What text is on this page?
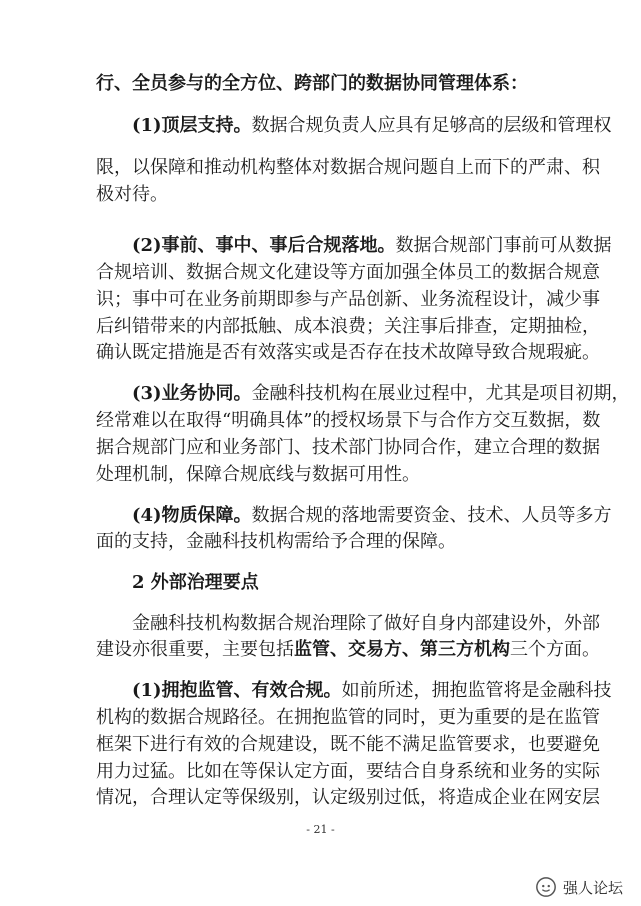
行、全员参与的全方位、跨部门的数据协同管理体系：
(1)顶层支持。数据合规负责人应具有足够高的层级和管理权
限，以保障和推动机构整体对数据合规问题自上而下的严肃、积
极对待。
(2)事前、事中、事后合规落地。数据合规部门事前可从数据
合规培训、数据合规文化建设等方面加强全体员工的数据合规意
识；事中可在业务前期即参与产品创新、业务流程设计，减少事
后纠错带来的内部抵触、成本浪费；关注事后排查，定期抽检，
确认既定措施是否有效落实或是否存在技术故障导致合规瑕疵。
(3)业务协同。金融科技机构在展业过程中，尤其是项目初期，
经常难以在取得“明确具体”的授权场景下与合作方交互数据，数
据合规部门应和业务部门、技术部门协同合作，建立合理的数据
处理机制，保障合规底线与数据可用性。
(4)物质保障。数据合规的落地需要资金、技术、人员等多方
面的支持，金融科技机构需给予合理的保障。
2 外部治理要点
金融科技机构数据合规治理除了做好自身内部建设外，外部
建设亦很重要，主要包括监管、交易方、第三方机构三个方面。
(1)拥抱监管、有效合规。如前所述，拥抱监管将是金融科技
机构的数据合规路径。在拥抱监管的同时，更为重要的是在监管
框架下进行有效的合规建设，既不能不满足监管要求，也要避免
用力过猛。比如在等保认定方面，要结合自身系统和业务的实际
情况，合理认定等保级别，认定级别过低，将造成企业在网安层
- 21 -
强人论坛
